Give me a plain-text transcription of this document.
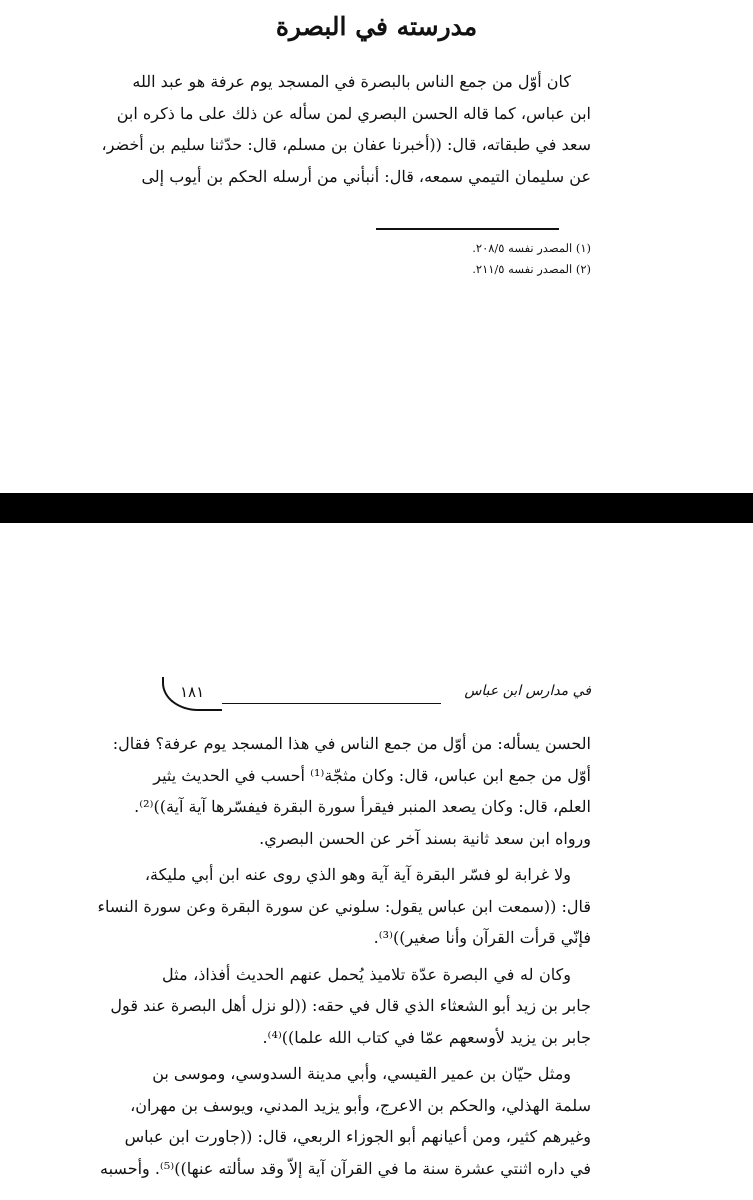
مدرسته في البصرة
كان أوّل من جمع الناس بالبصرة في المسجد يوم عرفة هو عبد الله
ابن عباس، كما قاله الحسن البصري لمن سأله عن ذلك على ما ذكره ابن
سعد في طبقاته، قال: ((أخبرنا عفان بن مسلم، قال: حدّثنا سليم بن أخضر،
عن سليمان التيمي سمعه، قال: أنبأني من أرسله الحكم بن أيوب إلى
(١) المصدر نفسه ٢٠٨/٥.
(٢) المصدر نفسه ٢١١/٥.
في مدارس ابن عباس
١٨١
الحسن يسأله: من أوّل من جمع الناس في هذا المسجد يوم عرفة؟ فقال:
أوّل من جمع ابن عباس، قال: وكان مثجّة⁽¹⁾ أحسب في الحديث يثير
العلم، قال: وكان يصعد المنبر فيقرأ سورة البقرة فيفسّرها آية آية))⁽²⁾.
ورواه ابن سعد ثانية بسند آخر عن الحسن البصري.
ولا غرابة لو فسّر البقرة آية آية وهو الذي روى عنه ابن أبي مليكة،
قال: ((سمعت ابن عباس يقول: سلوني عن سورة البقرة وعن سورة النساء
فإنّي قرأت القرآن وأنا صغير))⁽³⁾.
وكان له في البصرة عدّة تلاميذ يُحمل عنهم الحديث أفذاذ، مثل
جابر بن زيد أبو الشعثاء الذي قال في حقه: ((لو نزل أهل البصرة عند قول
جابر بن يزيد لأوسعهم عمّا في كتاب الله علما))⁽⁴⁾.
ومثل حيّان بن عمير القيسي، وأبي مدينة السدوسي، وموسى بن
سلمة الهذلي، والحكم بن الاعرج، وأبو يزيد المدني، ويوسف بن مهران،
وغيرهم كثير، ومن أعيانهم أبو الجوزاء الربعي، قال: ((جاورت ابن عباس
في داره اثنتي عشرة سنة ما في القرآن آية إلاّ وقد سألته عنها))⁽⁵⁾. وأحسبه
